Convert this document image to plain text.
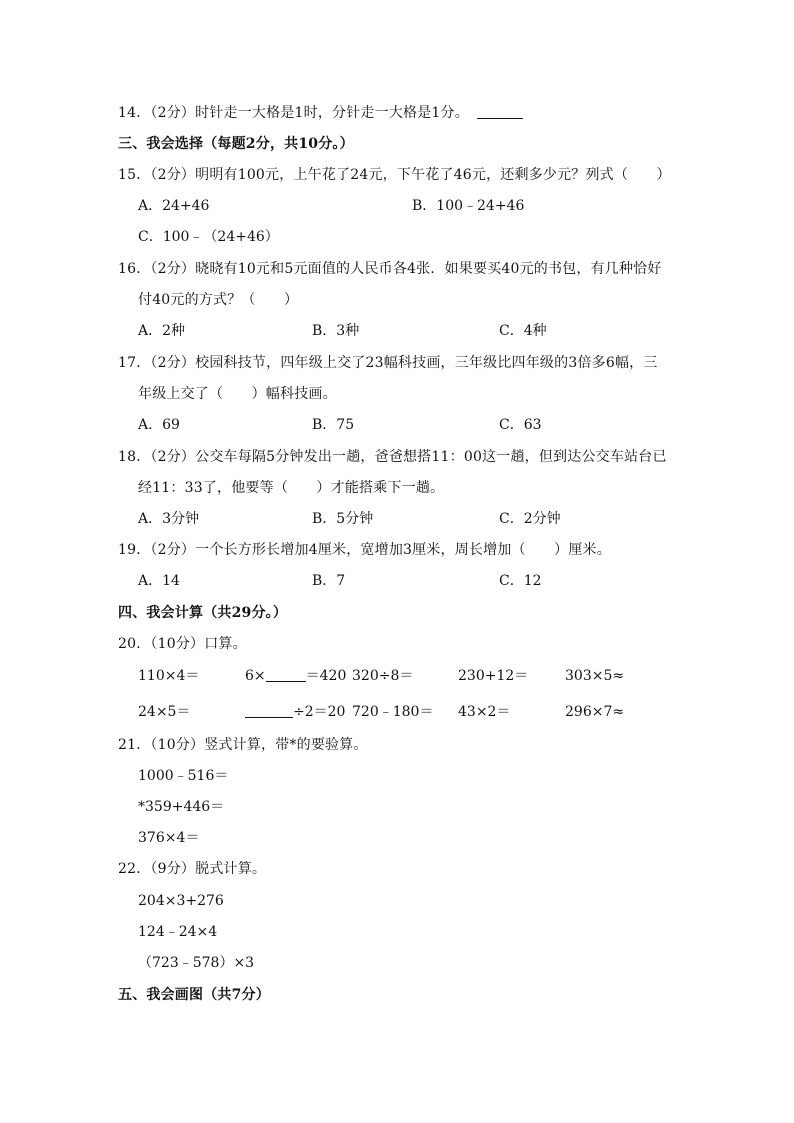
14．（2分）时针走一大格是1时，分针走一大格是1分。
三、我会选择（每题2分，共10分。）
15．（2分）明明有100元，上午花了24元，下午花了46元，还剩多少元？列式（　　）
A．24+46	B．100﹣24+46
C．100﹣（24+46）
16．（2分）晓晓有10元和5元面值的人民币各4张．如果要买40元的书包，有几种恰好
付40元的方式？（　　）
A．2种	B．3种	C．4种
17．（2分）校园科技节，四年级上交了23幅科技画，三年级比四年级的3倍多6幅，三
年级上交了（　　）幅科技画。
A．69	B．75	C．63
18．（2分）公交车每隔5分钟发出一趟，爸爸想搭11：00这一趟，但到达公交车站台已
经11：33了，他要等（　　）才能搭乘下一趟。
A．3分钟	B．5分钟	C．2分钟
19．（2分）一个长方形长增加4厘米，宽增加3厘米，周长增加（　　）厘米。
A．14	B．7	C．12
四、我会计算（共29分。）
20．（10分）口算。
110×4＝	6×	＝420 320÷8＝	230+12＝	303×5≈
24×5＝	÷2＝20 720﹣180＝ 43×2＝	296×7≈
21．（10分）竖式计算，带*的要验算。
1000﹣516＝
*359+446＝
376×4＝
22．（9分）脱式计算。
204×3+276
124﹣24×4
（723﹣578）×3
五、我会画图（共7分）
